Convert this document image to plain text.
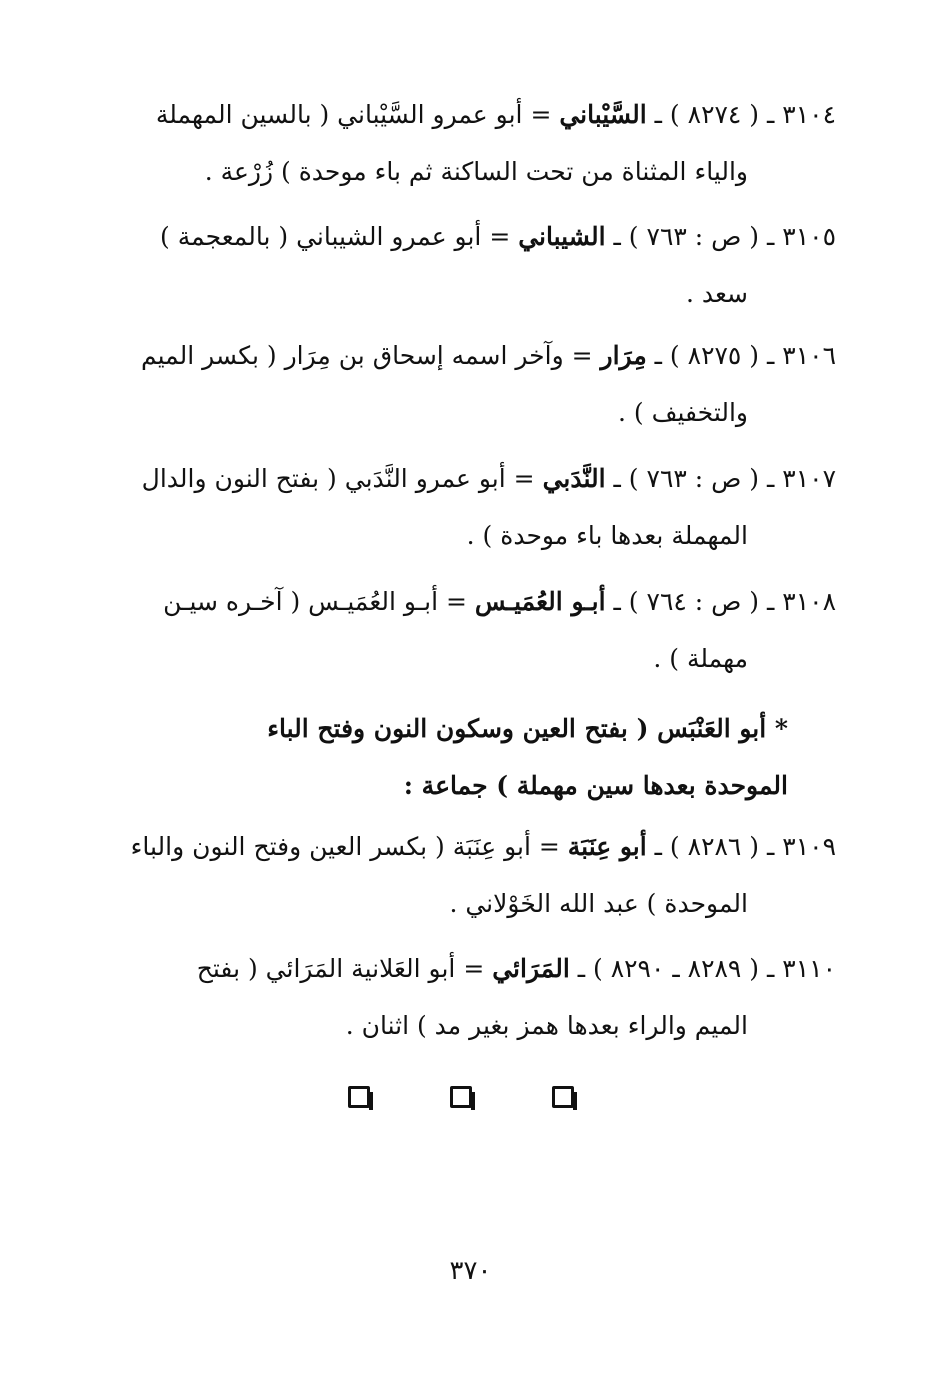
٣١٠٤ ـ ( ٨٢٧٤ ) ـ السَّيْباني = أبو عمرو السَّيْباني ( بالسين المهملة
والياء المثناة من تحت الساكنة ثم باء موحدة ) زُرْعة .
٣١٠٥ ـ ( ص : ٧٦٣ ) ـ الشيباني = أبو عمرو الشيباني ( بالمعجمة )
سعد .
٣١٠٦ ـ ( ٨٢٧٥ ) ـ مِرَار = وآخر اسمه إسحاق بن مِرَار ( بكسر الميم
والتخفيف ) .
٣١٠٧ ـ ( ص : ٧٦٣ ) ـ النَّدَبي = أبو عمرو النَّدَبي ( بفتح النون والدال
المهملة بعدها باء موحدة ) .
٣١٠٨ ـ ( ص : ٧٦٤ ) ـ أبـو العُمَيـس = أبـو العُمَيـس ( آخـره سيـن
مهملة ) .
* أبو العَنْبَس ( بفتح العين وسكون النون وفتح الباء
الموحدة بعدها سين مهملة ) جماعة :
٣١٠٩ ـ ( ٨٢٨٦ ) ـ أبو عِنَبَة = أبو عِنَبَة ( بكسر العين وفتح النون والباء
الموحدة ) عبد الله الخَوْلاني .
٣١١٠ ـ ( ٨٢٨٩ ـ ٨٢٩٠ ) ـ المَرَائي = أبو العَلانية المَرَائي ( بفتح
الميم والراء بعدها همز بغير مد ) اثنان .
٣٧٠
